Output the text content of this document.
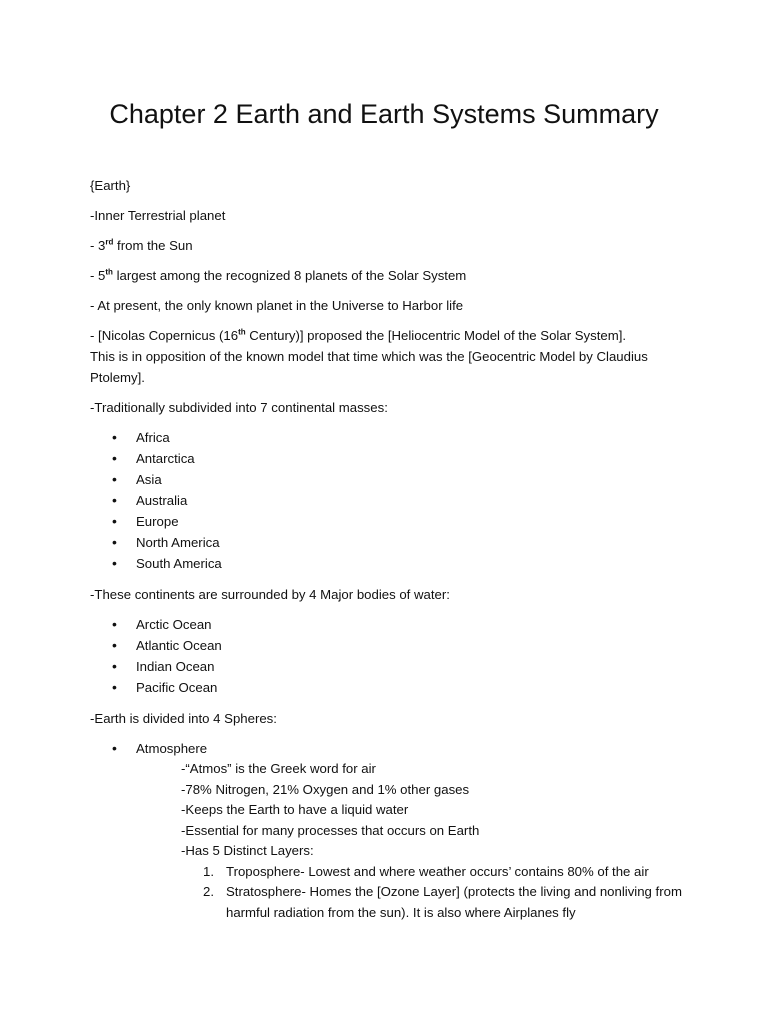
Chapter 2 Earth and Earth Systems Summary

{Earth}

-Inner Terrestrial planet

- 3rd from the Sun

- 5th largest among the recognized 8 planets of the Solar System

- At present, the only known planet in the Universe to Harbor life

- [Nicolas Copernicus (16th Century)] proposed the [Heliocentric Model of the Solar System]. This is in opposition of the known model that time which was the [Geocentric Model by Claudius Ptolemy].

-Traditionally subdivided into 7 continental masses:

• Africa
• Antarctica
• Asia
• Australia
• Europe
• North America
• South America

-These continents are surrounded by 4 Major bodies of water:

• Arctic Ocean
• Atlantic Ocean
• Indian Ocean
• Pacific Ocean

-Earth is divided into 4 Spheres:

• Atmosphere
-“Atmos” is the Greek word for air
-78% Nitrogen, 21% Oxygen and 1% other gases
-Keeps the Earth to have a liquid water
-Essential for many processes that occurs on Earth
-Has 5 Distinct Layers:
1. Troposphere- Lowest and where weather occurs’ contains 80% of the air
2. Stratosphere- Homes the [Ozone Layer] (protects the living and nonliving from harmful radiation from the sun). It is also where Airplanes fly
